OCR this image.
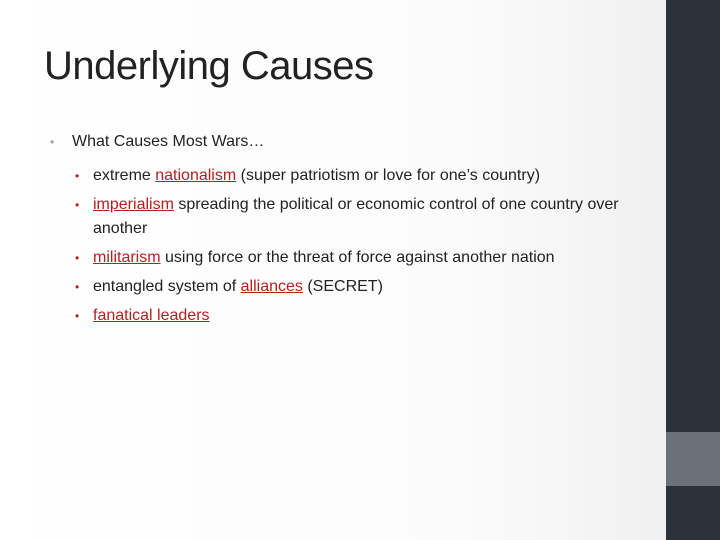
Underlying Causes
• What Causes Most Wars…
• extreme nationalism (super patriotism or love for one’s country)
• imperialism spreading the political or economic control of one country over another
• militarism using force or the threat of force against another nation
• entangled system of alliances (SECRET)
• fanatical leaders
